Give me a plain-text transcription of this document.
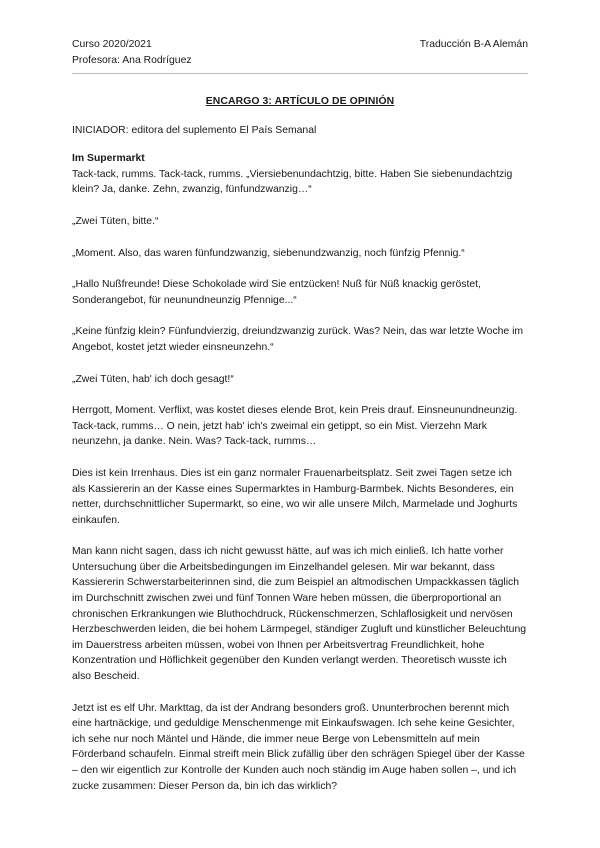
Curso 2020/2021	Traducción B-A Alemán
Profesora: Ana Rodríguez

ENCARGO 3: ARTÍCULO DE OPINIÓN

INICIADOR: editora del suplemento El País Semanal

Im Supermarkt

Tack-tack, rumms. Tack-tack, rumms. „Viersiebenundachtzig, bitte. Haben Sie siebenundachtzig klein? Ja, danke. Zehn, zwanzig, fünfundzwanzig…“

„Zwei Tüten, bitte.“

„Moment. Also, das waren fünfundzwanzig, siebenundzwanzig, noch fünfzig Pfennig.“

„Hallo Nußfreunde! Diese Schokolade wird Sie entzücken! Nuß für Nüß knackig geröstet, Sonderangebot, für neunundneunzig Pfennige...“

„Keine fünfzig klein? Fünfundvierzig, dreiundzwanzig zurück. Was? Nein, das war letzte Woche im Angebot, kostet jetzt wieder einsneunzehn.“

„Zwei Tüten, hab' ich doch gesagt!“

Herrgott, Moment. Verflixt, was kostet dieses elende Brot, kein Preis drauf. Einsneunundneunzig. Tack-tack, rumms… O nein, jetzt hab' ich's zweimal ein getippt, so ein Mist. Vierzehn Mark neunzehn, ja danke. Nein. Was? Tack-tack, rumms…

Dies ist kein Irrenhaus. Dies ist ein ganz normaler Frauenarbeitsplatz. Seit zwei Tagen setze ich als Kassiererin an der Kasse eines Supermarktes in Hamburg-Barmbek. Nichts Besonderes, ein netter, durchschnittlicher Supermarkt, so eine, wo wir alle unsere Milch, Marmelade und Joghurts einkaufen.

Man kann nicht sagen, dass ich nicht gewusst hätte, auf was ich mich einließ. Ich hatte vorher Untersuchung über die Arbeitsbedingungen im Einzelhandel gelesen. Mir war bekannt, dass Kassiererin Schwerstarbeiterinnen sind, die zum Beispiel an altmodischen Umpackkassen täglich im Durchschnitt zwischen zwei und fünf Tonnen Ware heben müssen, die überproportional an chronischen Erkrankungen wie Bluthochdruck, Rückenschmerzen, Schlaflosigkeit und nervösen Herzbeschwerden leiden, die bei hohem Lärmpegel, ständiger Zugluft und künstlicher Beleuchtung im Dauerstress arbeiten müssen, wobei von Ihnen per Arbeitsvertrag Freundlichkeit, hohe Konzentration und Höflichkeit gegenüber den Kunden verlangt werden. Theoretisch wusste ich also Bescheid.

Jetzt ist es elf Uhr. Markttag, da ist der Andrang besonders groß. Ununterbrochen berennt mich eine hartnäckige, und geduldige Menschenmenge mit Einkaufswagen. Ich sehe keine Gesichter, ich sehe nur noch Mäntel und Hände, die immer neue Berge von Lebensmitteln auf mein Förderband schaufeln. Einmal streift mein Blick zufällig über den schrägen Spiegel über der Kasse – den wir eigentlich zur Kontrolle der Kunden auch noch ständig im Auge haben sollen –, und ich zucke zusammen: Dieser Person da, bin ich das wirklich?
